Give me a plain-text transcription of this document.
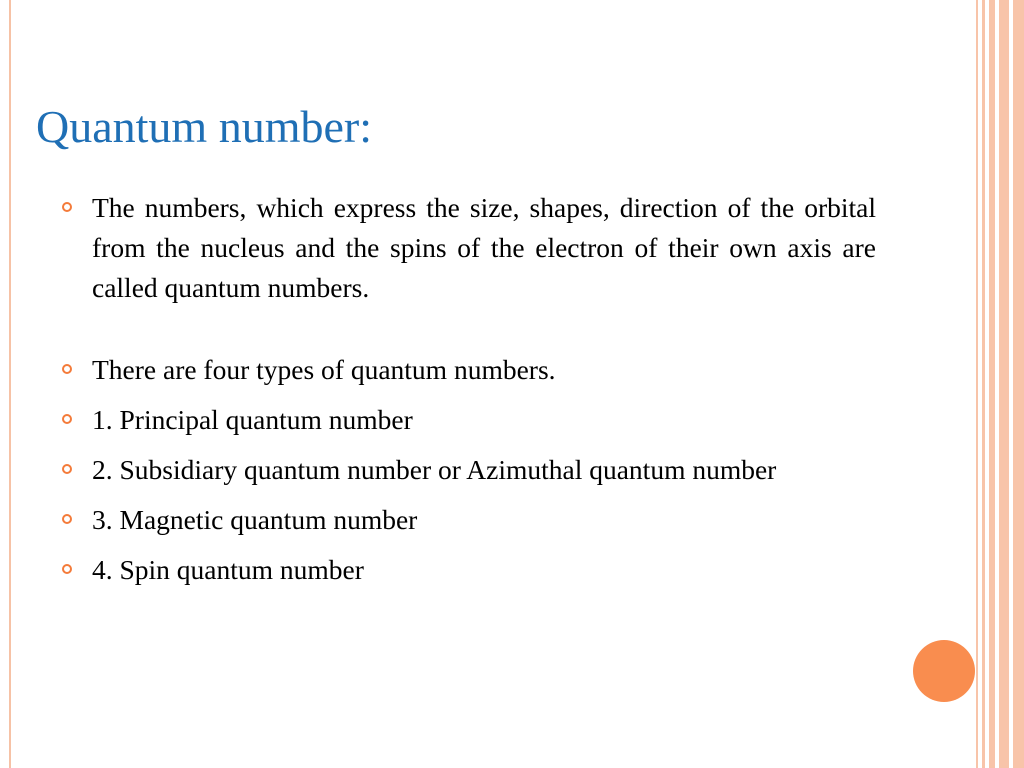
Quantum number:
The numbers, which express the size, shapes, direction of the orbital from the nucleus and the spins of the electron of their own axis are called quantum numbers.
There are four types of quantum numbers.
1. Principal quantum number
2. Subsidiary quantum number or Azimuthal quantum number
3. Magnetic quantum number
4. Spin quantum number
